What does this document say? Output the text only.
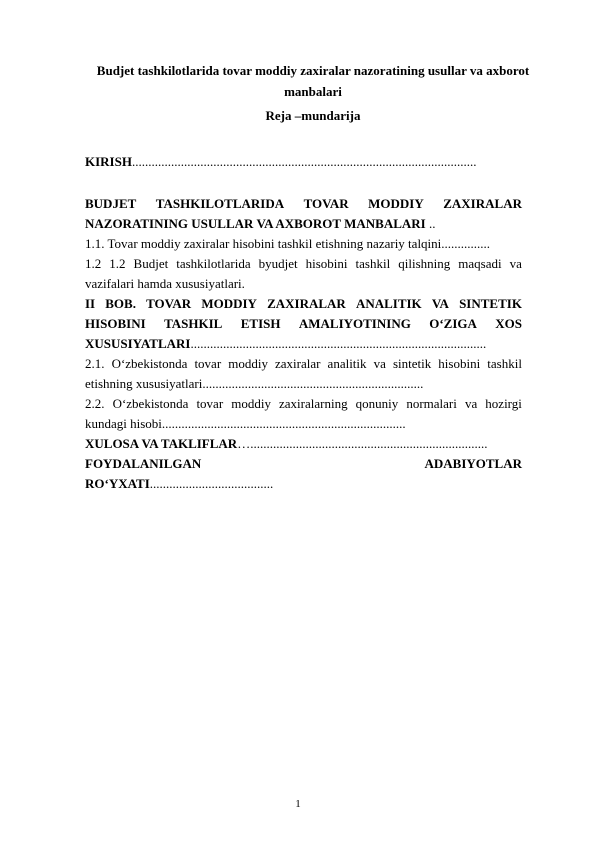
Budjet tashkilotlarida tovar moddiy zaxiralar nazoratining usullar va axborot
manbalari
Reja –mundarija
KIRISH..........................................................................................................
BUDJET TASHKILOTLARIDA TOVAR MODDIY ZAXIRALAR
NAZORATINING USULLAR VA AXBOROT MANBALARI ..
1.1. Tovar moddiy zaxiralar hisobini tashkil etishning nazariy talqini...............
1.2 1.2 Budjet tashkilotlarida byudjet hisobini tashkil qilishning maqsadi va
vazifalari hamda xususiyatlari.
II BOB. TOVAR MODDIY ZAXIRALAR ANALITIK VA SINTETIK
HISOBINI TASHKIL ETISH AMALIYOTINING O‘ZIGA XOS
XUSUSIYATLARI...........................................................................................
2.1. O‘zbekistonda tovar moddiy zaxiralar analitik va sintetik hisobini tashkil
etishning xususiyatlari....................................................................
2.2. O‘zbekistonda tovar moddiy zaxiralarning qonuniy normalari va hozirgi
kundagi hisobi...........................................................................
XULOSA VA TAKLIFLAR….........................................................................
FOYDALANILGAN	ADABIYOTLAR
RO‘YXATI......................................
1
